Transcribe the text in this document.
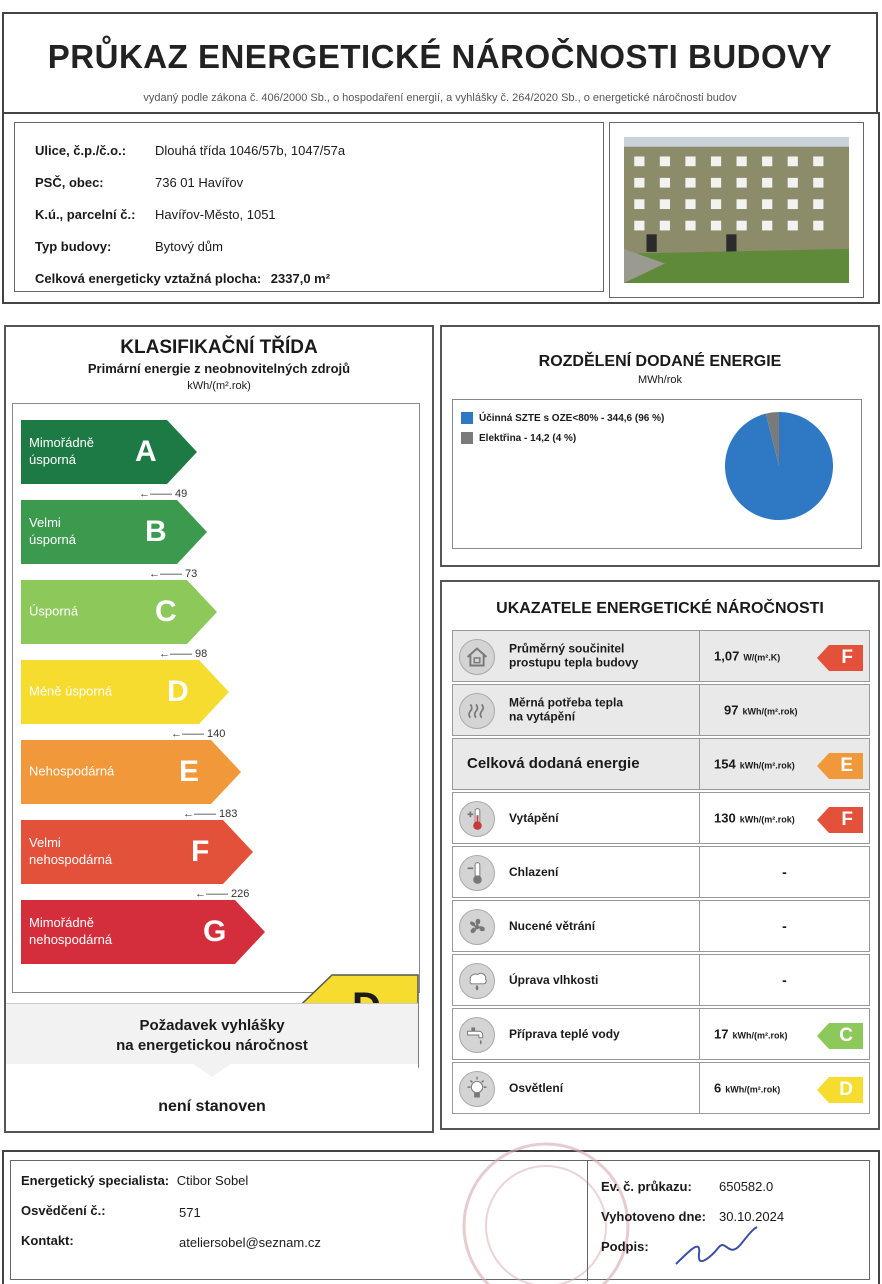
PRŮKAZ ENERGETICKÉ NÁROČNOSTI BUDOVY
vydaný podle zákona č. 406/2000 Sb., o hospodaření energií, a vyhlášky č. 264/2020 Sb., o energetické náročnosti budov
Ulice, č.p./č.o.: Dlouhá třída 1046/57b, 1047/57a
PSČ, obec:	736 01 Havířov
K.ú., parcelní č.: Havířov-Město, 1051
Typ budovy:	Bytový dům
Celková energeticky vztažná plocha: 2337,0 m²
KLASIFIKAČNÍ TŘÍDA
Primární energie z neobnovitelných zdrojů
kWh/(m².rok)
Mimořádně
úsporná	A
←—— 49
Velmi
úsporná B
←—— 73
Úsporná	C
←—— 98
Méně úsporná D
←—— 140
Nehospodárná E
←—— 183
Velmi
nehospodárná	F
←—— 226
Mimořádně
nehospodárná	G
Požadavek vyhlášky
na energetickou náročnost
není stanoven
ROZDĚLENÍ DODANÉ ENERGIE
MWh/rok
Účinná SZTE s OZE<80% - 344,6 (96 %)
Elektřina - 14,2 (4 %)
UKAZATELE ENERGETICKÉ NÁROČNOSTI
Průměrný součinitel
prostupu tepla budovy	1,07 W/(m².K)	F
Měrná potřeba tepla
na vytápění	97 kWh/(m².rok)
Celková dodaná energie	154 kWh/(m².rok) E
Vytápění	130 kWh/(m².rok) F
Chlazení	-
Nucené větrání	-
Úprava vlhkosti	-
Příprava teplé vody	17 kWh/(m².rok)	C
Osvětlení	6 kWh/(m².rok)	D
Energetický specialista: Ctibor Sobel
Osvědčení č.:	571
Kontakt:	ateliersobel@seznam.cz
Ev. č. průkazu: 650582.0
Vyhotoveno dne: 30.10.2024
Podpis:
